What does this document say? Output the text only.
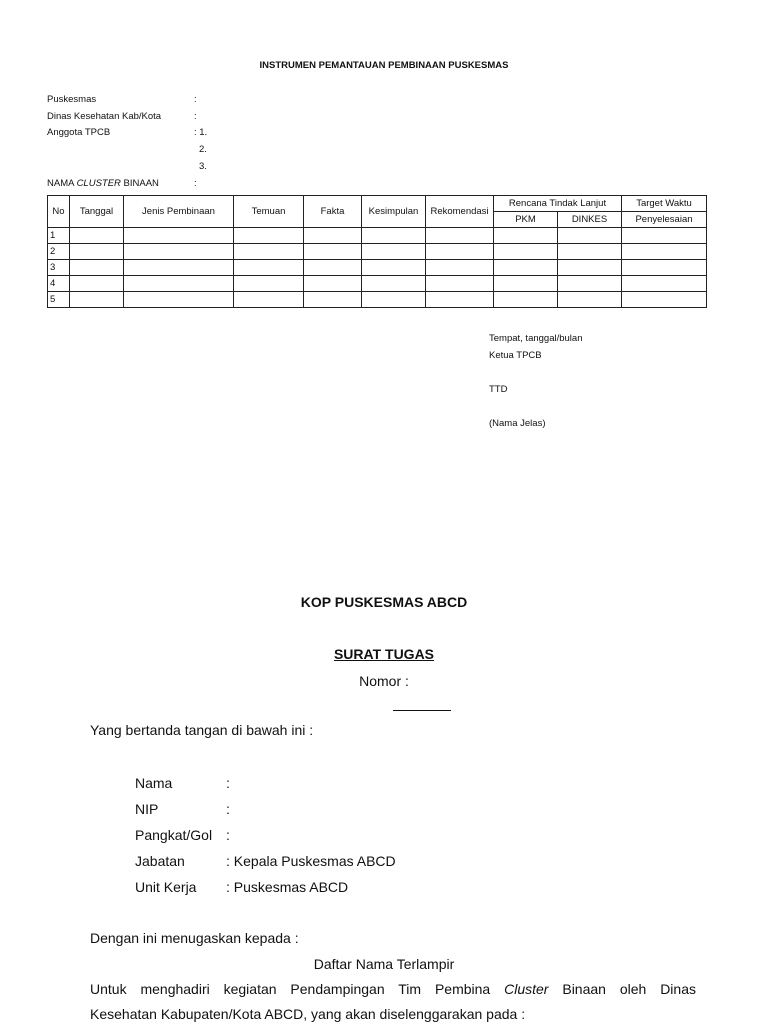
INSTRUMEN PEMANTAUAN PEMBINAAN PUSKESMAS
Puskesmas	:
Dinas Kesehatan Kab/Kota	:
Anggota TPCB	: 1.
2.
3.
NAMA CLUSTER BINAAN	:
No	Tanggal	Jenis Pembinaan	Temuan	Fakta	Kesimpulan	Rekomendasi	Rencana Tindak Lanjut		Target Waktu
							PKM	DINKES	Penyelesaian
1									
2									
3									
4									
5									
Tempat, tanggal/bulan
Ketua TPCB
TTD
(Nama Jelas)
KOP PUSKESMAS ABCD
SURAT TUGAS
Nomor :
Yang bertanda tangan di bawah ini :
Nama	:
NIP	:
Pangkat/Gol :
Jabatan	: Kepala Puskesmas ABCD
Unit Kerja : Puskesmas ABCD
Dengan ini menugaskan kepada :
Daftar Nama Terlampir
Untuk menghadiri kegiatan Pendampingan Tim Pembina Cluster Binaan oleh Dinas
Kesehatan Kabupaten/Kota ABCD, yang akan diselenggarakan pada :
